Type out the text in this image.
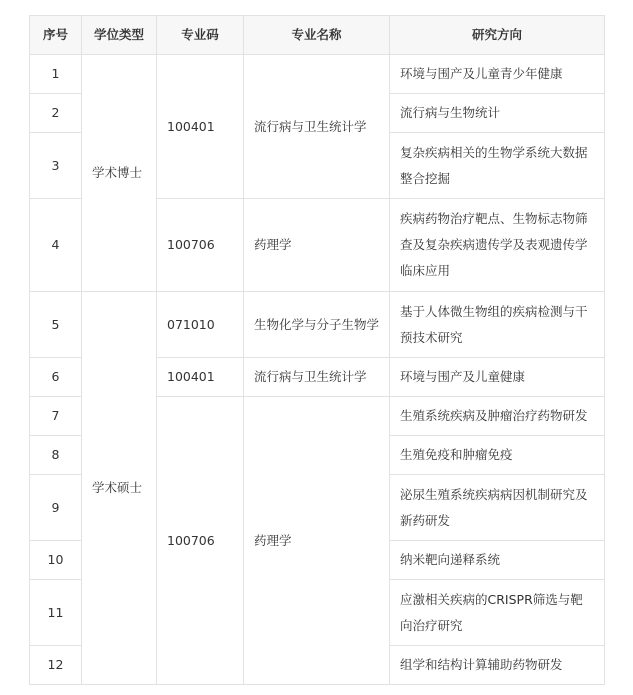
序号	学位类型	专业码	专业名称	研究方向
1	学术博士	100401	流行病与卫生统计学	环境与围产及儿童青少年健康
2				流行病与生物统计
3				复杂疾病相关的生物学系统大数据整合挖掘
4		100706	药理学	疾病药物治疗靶点、生物标志物筛查及复杂疾病遗传学及表观遗传学临床应用
5	学术硕士	071010	生物化学与分子生物学	基于人体微生物组的疾病检测与干预技术研究
6		100401	流行病与卫生统计学	环境与围产及儿童健康
7		100706	药理学	生殖系统疾病及肿瘤治疗药物研发
8				生殖免疫和肿瘤免疫
9				泌尿生殖系统疾病病因机制研究及新药研发
10				纳米靶向递释系统
11				应激相关疾病的CRISPR筛选与靶向治疗研究
12				组学和结构计算辅助药物研发
